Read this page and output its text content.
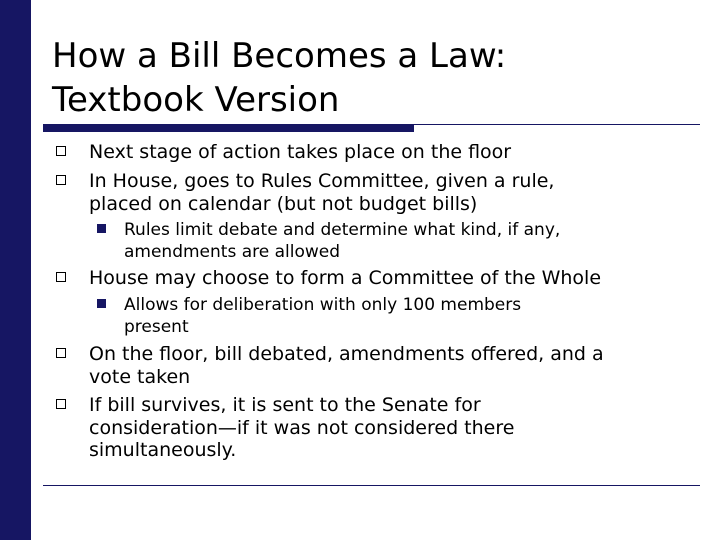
How a Bill Becomes a Law:
Textbook Version
Next stage of action takes place on the floor
In House, goes to Rules Committee, given a rule,
placed on calendar (but not budget bills)
Rules limit debate and determine what kind, if any,
amendments are allowed
House may choose to form a Committee of the Whole
Allows for deliberation with only 100 members
present
On the floor, bill debated, amendments offered, and a
vote taken
If bill survives, it is sent to the Senate for
consideration—if it was not considered there
simultaneously.
